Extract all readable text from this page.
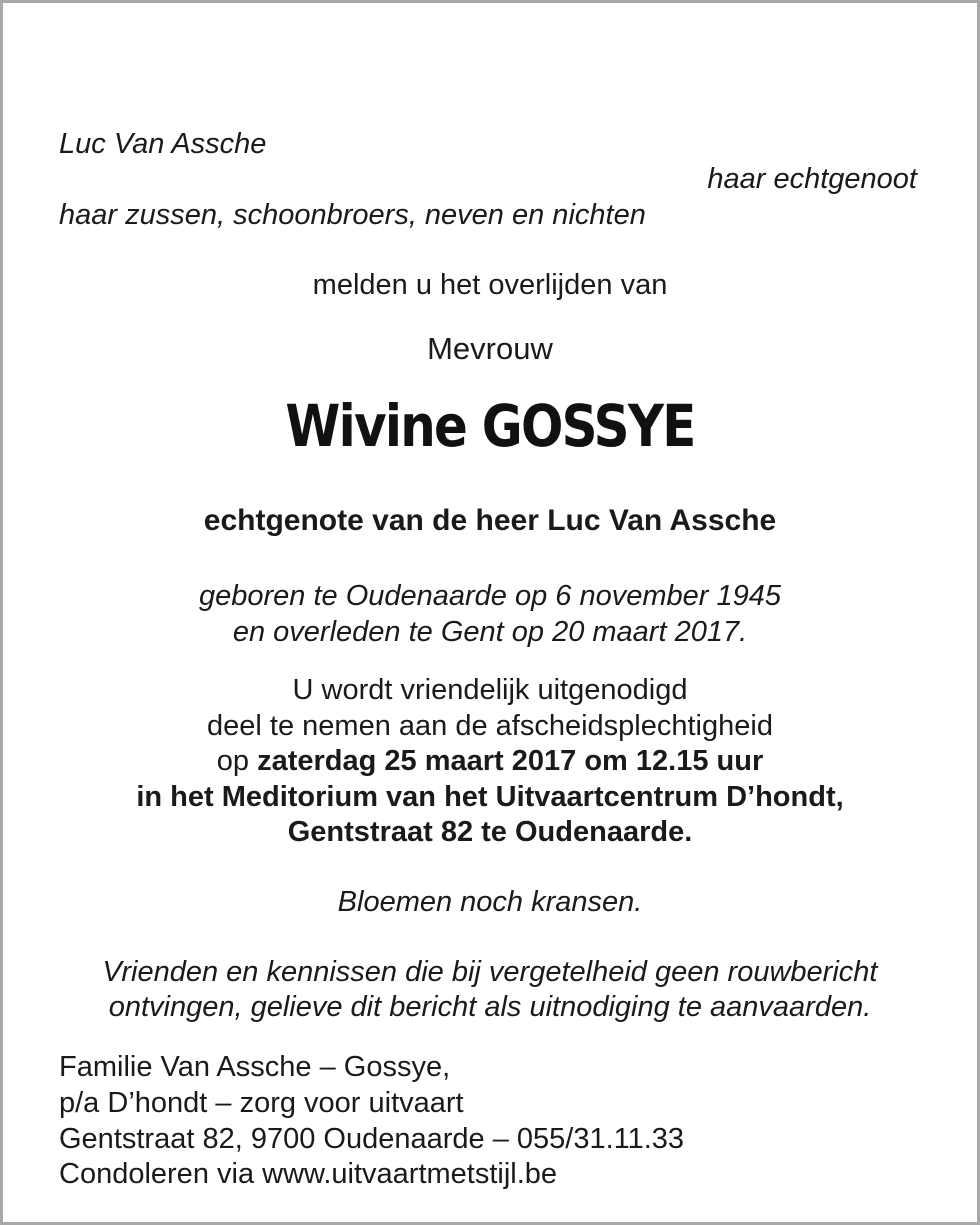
Luc Van Assche
haar echtgenoot
haar zussen, schoonbroers, neven en nichten
melden u het overlijden van
Mevrouw
Wivine GOSSYE
echtgenote van de heer Luc Van Assche
geboren te Oudenaarde op 6 november 1945
en overleden te Gent op 20 maart 2017.
U wordt vriendelijk uitgenodigd
deel te nemen aan de afscheidsplechtigheid
op zaterdag 25 maart 2017 om 12.15 uur
in het Meditorium van het Uitvaartcentrum D’hondt,
Gentstraat 82 te Oudenaarde.
Bloemen noch kransen.
Vrienden en kennissen die bij vergetelheid geen rouwbericht
ontvingen, gelieve dit bericht als uitnodiging te aanvaarden.
Familie Van Assche – Gossye,
p/a D’hondt – zorg voor uitvaart
Gentstraat 82, 9700 Oudenaarde – 055/31.11.33
Condoleren via www.uitvaartmetstijl.be
